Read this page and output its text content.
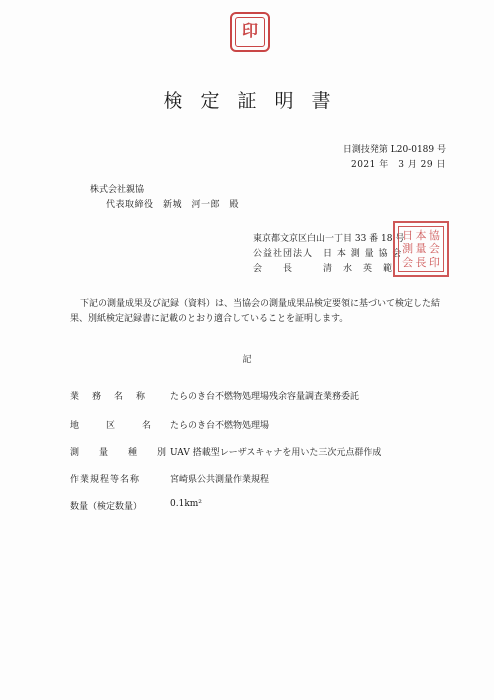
印
検定証明書
日測技発第 L20-0189 号
2021 年　3 月 29 日
株式会社親協
代表取締役　新城　河一郎　殿
東京都文京区白山一丁目 33 番 18 号
公益社団法人　日 本 測 量 協 会
会　　長　　　清　水　英　範
日 本 協
測 量 会
会 長 印
下記の測量成果及び記録（資料）は、当協会の測量成果品検定要領に基づいて検定した結果、別紙検定記録書に記載のとおり適合していることを証明します。
記
業務名称 たらのき台不燃物処理場残余容量調査業務委託
地区名
たらのき台不燃物処理場
測量種別
UAV 搭載型レーザスキャナを用いた三次元点群作成
作業規程等名称	宮崎県公共測量作業規程
数量（検定数量）	0.1km²
